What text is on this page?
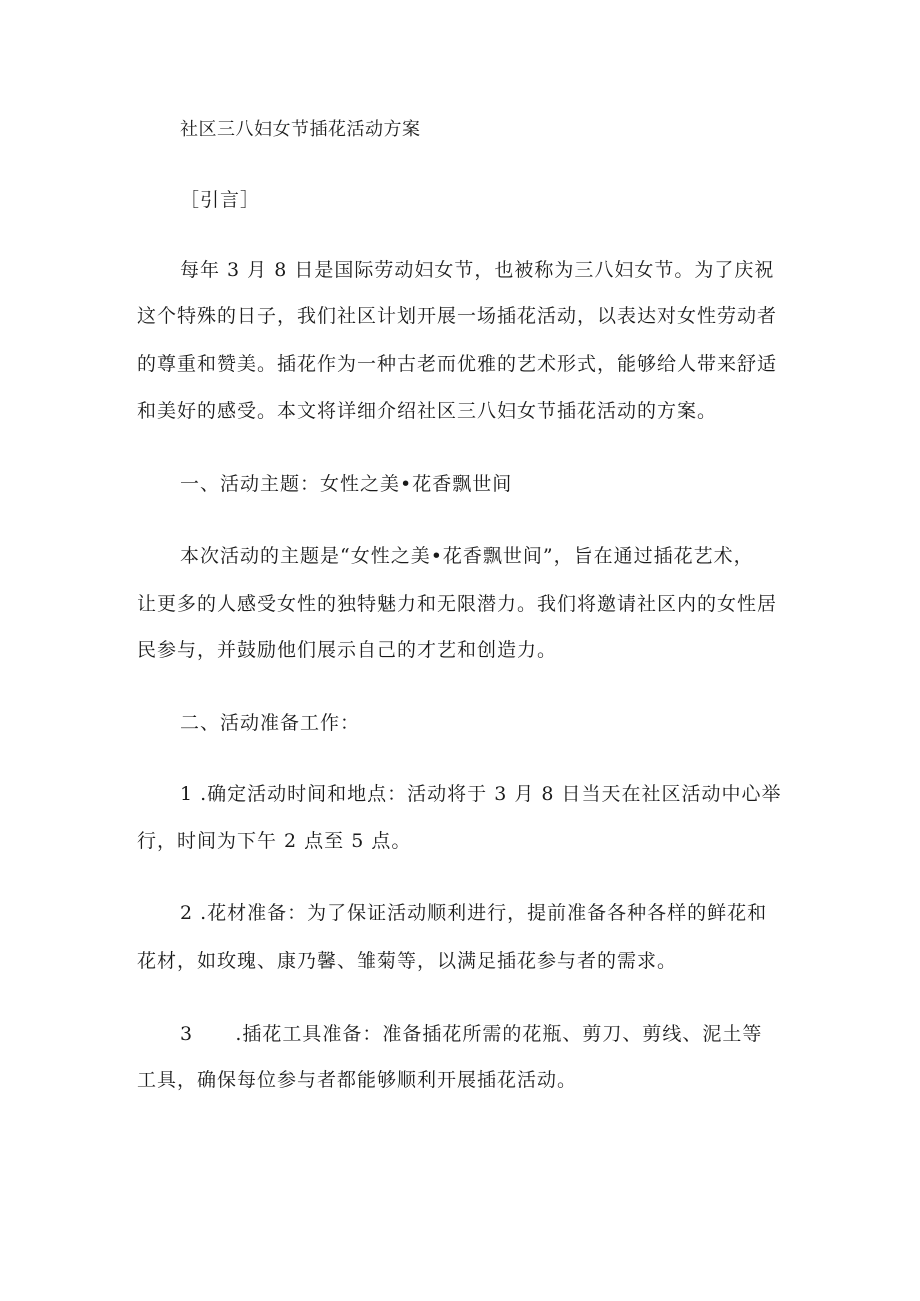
社区三八妇女节插花活动方案
［引言］
每年 3 月 8 日是国际劳动妇女节，也被称为三八妇女节。为了庆祝
这个特殊的日子，我们社区计划开展一场插花活动，以表达对女性劳动者
的尊重和赞美。插花作为一种古老而优雅的艺术形式，能够给人带来舒适
和美好的感受。本文将详细介绍社区三八妇女节插花活动的方案。
一、活动主题：女性之美•花香飘世间
本次活动的主题是“女性之美•花香飘世间”，旨在通过插花艺术，
让更多的人感受女性的独特魅力和无限潜力。我们将邀请社区内的女性居
民参与，并鼓励他们展示自己的才艺和创造力。
二、活动准备工作：
1 .确定活动时间和地点：活动将于 3 月 8 日当天在社区活动中心举
行，时间为下午 2 点至 5 点。
2 .花材准备：为了保证活动顺利进行，提前准备各种各样的鲜花和
花材，如玫瑰、康乃馨、雏菊等，以满足插花参与者的需求。
3      .插花工具准备：准备插花所需的花瓶、剪刀、剪线、泥土等
工具，确保每位参与者都能够顺利开展插花活动。
